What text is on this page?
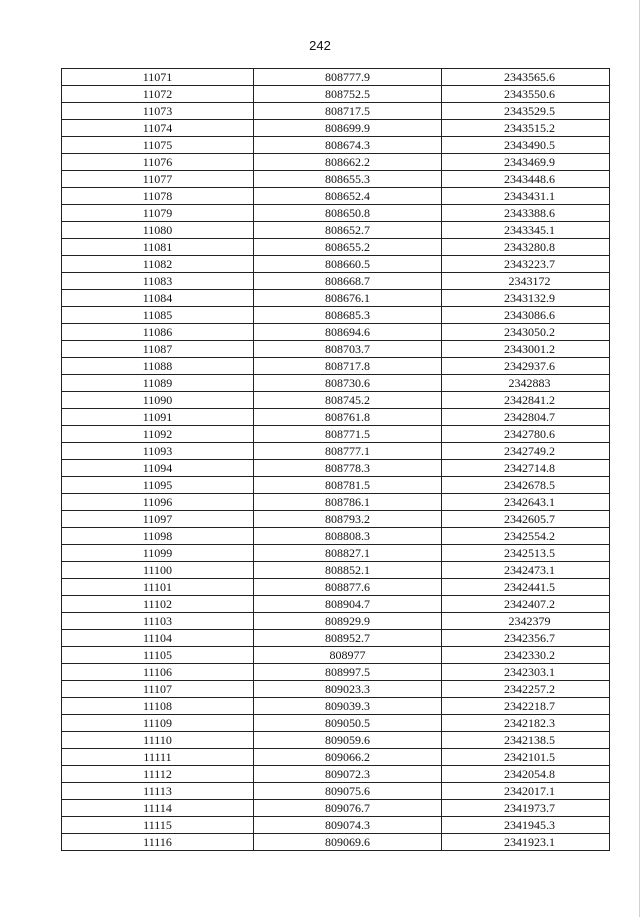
242
11071	808777.9	2343565.6
11072	808752.5	2343550.6
11073	808717.5	2343529.5
11074	808699.9	2343515.2
11075	808674.3	2343490.5
11076	808662.2	2343469.9
11077	808655.3	2343448.6
11078	808652.4	2343431.1
11079	808650.8	2343388.6
11080	808652.7	2343345.1
11081	808655.2	2343280.8
11082	808660.5	2343223.7
11083	808668.7	2343172
11084	808676.1	2343132.9
11085	808685.3	2343086.6
11086	808694.6	2343050.2
11087	808703.7	2343001.2
11088	808717.8	2342937.6
11089	808730.6	2342883
11090	808745.2	2342841.2
11091	808761.8	2342804.7
11092	808771.5	2342780.6
11093	808777.1	2342749.2
11094	808778.3	2342714.8
11095	808781.5	2342678.5
11096	808786.1	2342643.1
11097	808793.2	2342605.7
11098	808808.3	2342554.2
11099	808827.1	2342513.5
11100	808852.1	2342473.1
11101	808877.6	2342441.5
11102	808904.7	2342407.2
11103	808929.9	2342379
11104	808952.7	2342356.7
11105	808977	2342330.2
11106	808997.5	2342303.1
11107	809023.3	2342257.2
11108	809039.3	2342218.7
11109	809050.5	2342182.3
11110	809059.6	2342138.5
11111	809066.2	2342101.5
11112	809072.3	2342054.8
11113	809075.6	2342017.1
11114	809076.7	2341973.7
11115	809074.3	2341945.3
11116	809069.6	2341923.1
